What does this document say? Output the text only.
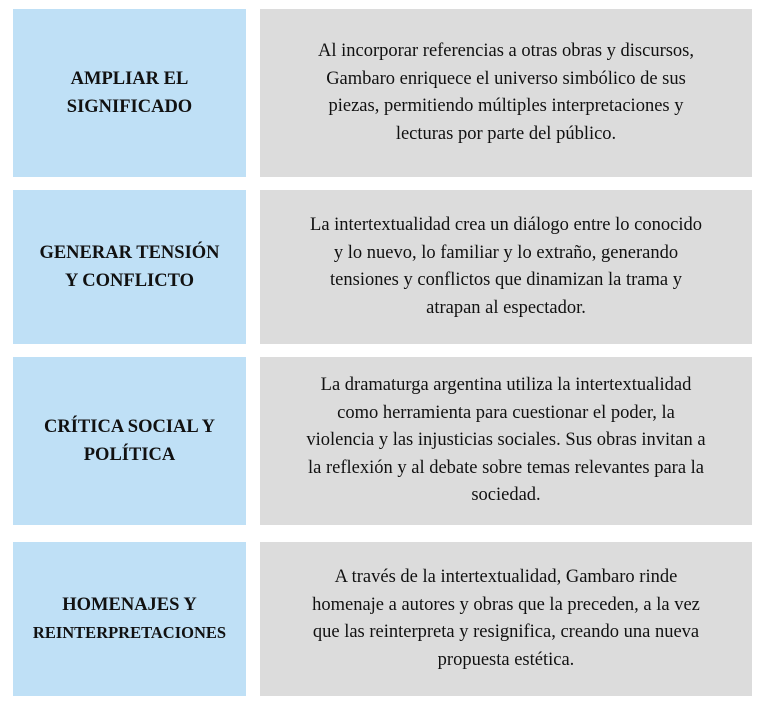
AMPLIAR EL
SIGNIFICADO
Al incorporar referencias a otras obras y discursos,
Gambaro enriquece el universo simbólico de sus
piezas, permitiendo múltiples interpretaciones y
lecturas por parte del público.
GENERAR TENSIÓN
Y CONFLICTO
La intertextualidad crea un diálogo entre lo conocido
y lo nuevo, lo familiar y lo extraño, generando
tensiones y conflictos que dinamizan la trama y
atrapan al espectador.
CRÍTICA SOCIAL Y
POLÍTICA
La dramaturga argentina utiliza la intertextualidad
como herramienta para cuestionar el poder, la
violencia y las injusticias sociales. Sus obras invitan a
la reflexión y al debate sobre temas relevantes para la
sociedad.
HOMENAJES Y
REINTERPRETACIONES
A través de la intertextualidad, Gambaro rinde
homenaje a autores y obras que la preceden, a la vez
que las reinterpreta y resignifica, creando una nueva
propuesta estética.
